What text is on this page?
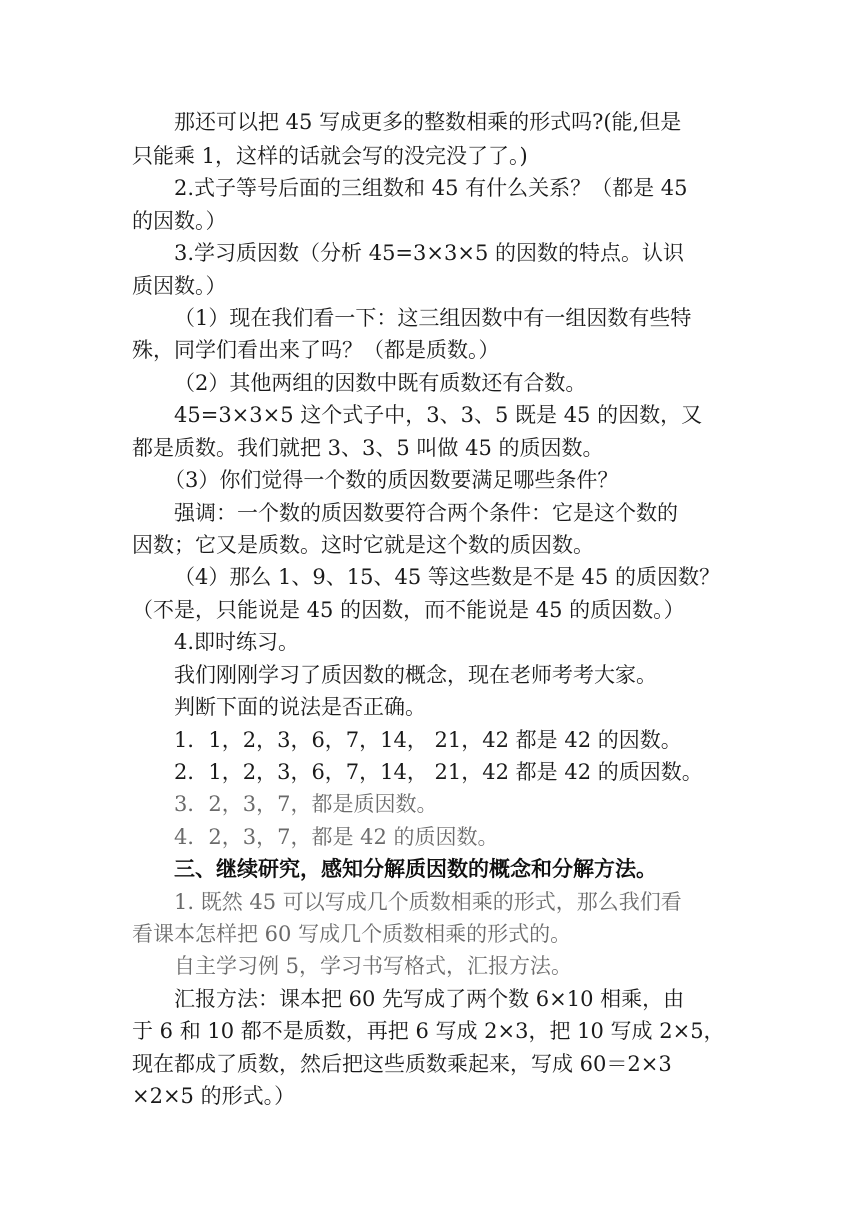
那还可以把 45 写成更多的整数相乘的形式吗?(能,但是
只能乘 1，这样的话就会写的没完没了了。)
2.式子等号后面的三组数和 45 有什么关系？（都是 45
的因数。）
3.学习质因数（分析 45=3×3×5 的因数的特点。认识
质因数。）
（1）现在我们看一下：这三组因数中有一组因数有些特
殊，同学们看出来了吗？（都是质数。）
（2）其他两组的因数中既有质数还有合数。
45=3×3×5 这个式子中，3、3、5 既是 45 的因数，又
都是质数。我们就把 3、3、5 叫做 45 的质因数。
（3）你们觉得一个数的质因数要满足哪些条件？
强调：一个数的质因数要符合两个条件：它是这个数的
因数；它又是质数。这时它就是这个数的质因数。
（4）那么 1、9、15、45 等这些数是不是 45 的质因数？
（不是，只能说是 45 的因数，而不能说是 45 的质因数。）
4.即时练习。
我们刚刚学习了质因数的概念，现在老师考考大家。
判断下面的说法是否正确。
1．1，2，3，6，7，14， 21，42 都是 42 的因数。
2．1，2，3，6，7，14， 21，42 都是 42 的质因数。
3．2，3，7，都是质因数。
4．2，3，7，都是 42 的质因数。
三、继续研究，感知分解质因数的概念和分解方法。
1. 既然 45 可以写成几个质数相乘的形式，那么我们看
看课本怎样把 60 写成几个质数相乘的形式的。
自主学习例 5，学习书写格式，汇报方法。
汇报方法：课本把 60 先写成了两个数 6×10 相乘，由
于 6 和 10 都不是质数，再把 6 写成 2×3，把 10 写成 2×5，
现在都成了质数，然后把这些质数乘起来，写成 60＝2×3
×2×5 的形式。）
